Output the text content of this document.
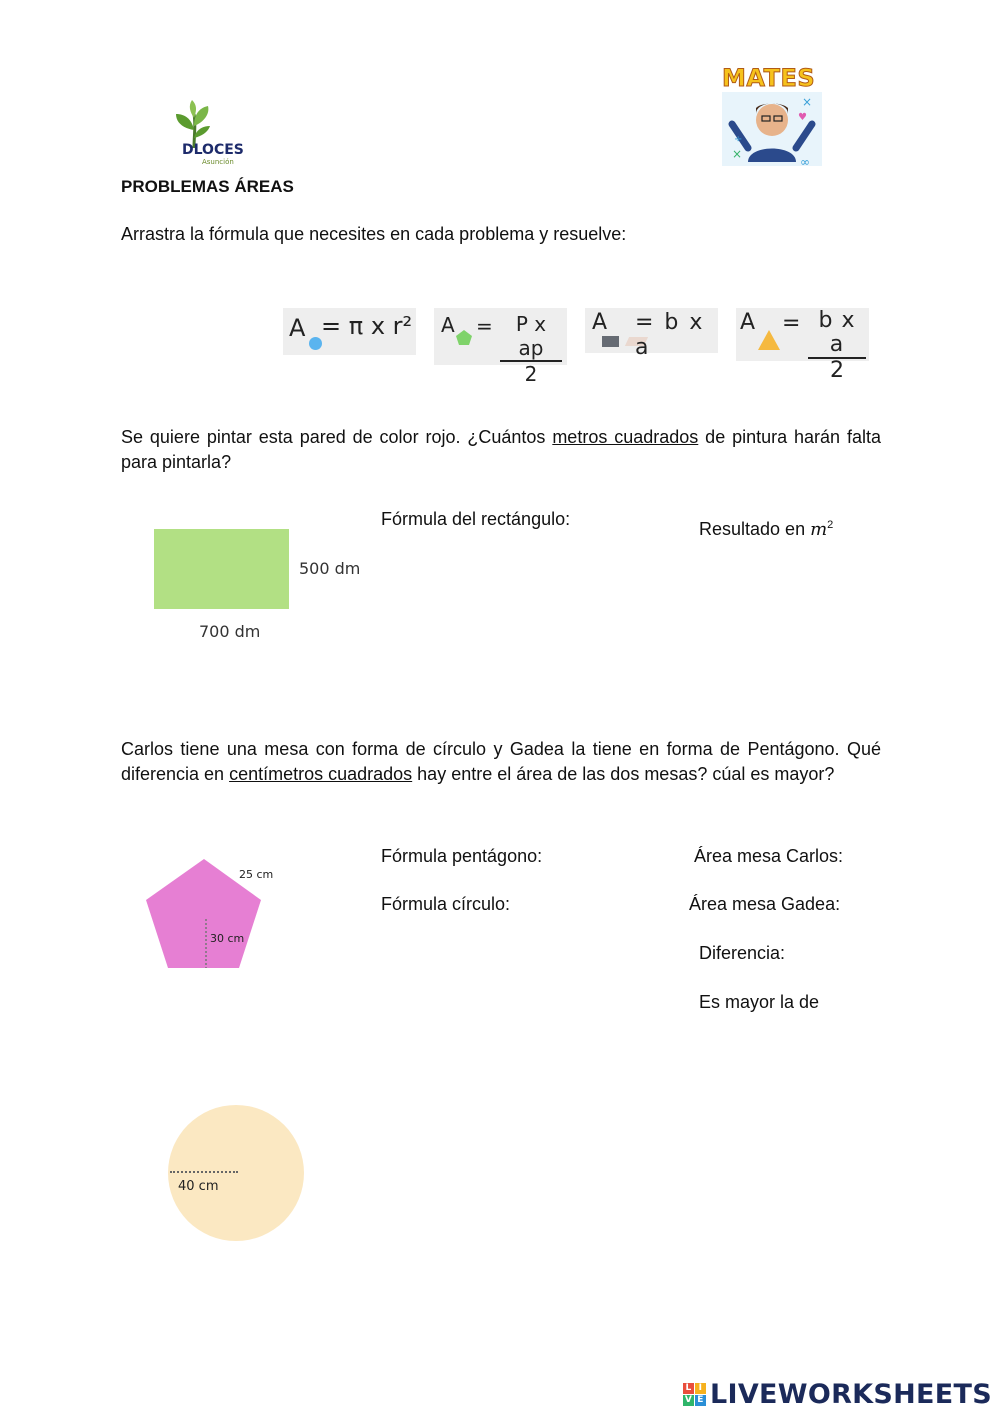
DLOCES
Asunción
÷
×
×
∞
♥
MATES
PROBLEMAS ÁREAS
Arrastra la fórmula que necesites en cada problema y resuelve:
A = π x r² $A = \frac{\text{P x ap}}{2}$ A = b x a
$A = \frac{\text{b x a}}{2}$
Se quiere pintar esta pared de color rojo. ¿Cuántos metros cuadrados de pintura harán falta para pintarla?
500 dm
700 dm
Fórmula del rectángulo:	Resultado en $m^2$
Carlos tiene una mesa con forma de círculo y Gadea la tiene en forma de Pentágono. Qué diferencia en centímetros cuadrados hay entre el área de las dos mesas? cúal es mayor?
25 cm
30 cm
40 cm
Fórmula pentágono:
Fórmula círculo:
Área mesa Carlos:
Área mesa Gadea:
Diferencia:
Es mayor la de
L I
V E LIVEWORKSHEETS
